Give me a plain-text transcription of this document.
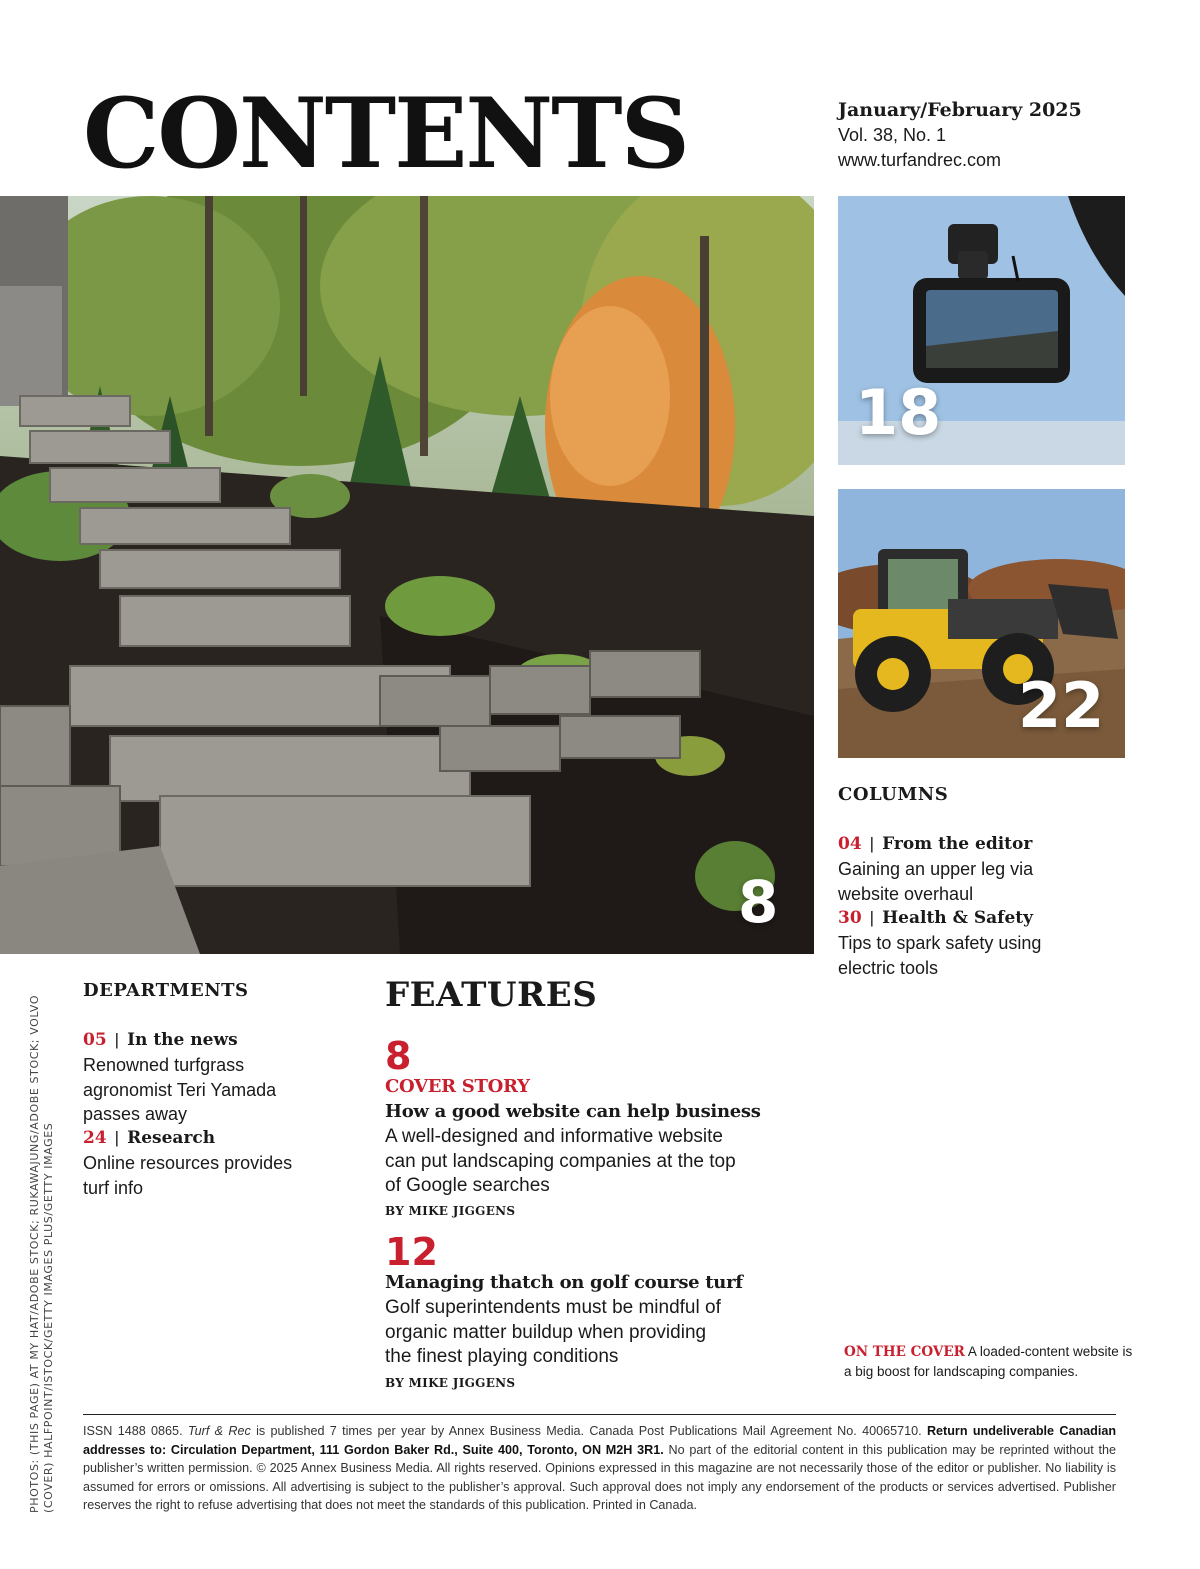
CONTENTS	January/February 2025
Vol. 38, No. 1
www.turfandrec.com
8
18
22
COLUMNS
04 | From the editor
Gaining an upper leg via
website overhaul
30 | Health & Safety
Tips to spark safety using
electric tools
DEPARTMENTS
05 | In the news
Renowned turfgrass
agronomist Teri Yamada
passes away
24 | Research
Online resources provides
turf info
FEATURES
8
COVER STORY
How a good website can help business
A well-designed and informative website
can put landscaping companies at the top
of Google searches
BY MIKE JIGGENS
12
Managing thatch on golf course turf
Golf superintendents must be mindful of
organic matter buildup when providing
the finest playing conditions
BY MIKE JIGGENS
ON THE COVER A loaded-content website is a big boost for landscaping companies.
ISSN 1488 0865. Turf & Rec is published 7 times per year by Annex Business Media. Canada Post Publications Mail Agreement No. 40065710. Return undeliverable Canadian addresses to: Circulation Department, 111 Gordon Baker Rd., Suite 400, Toronto, ON M2H 3R1. No part of the editorial content in this publication may be reprinted without the publisher’s written permission. © 2025 Annex Business Media. All rights reserved. Opinions expressed in this magazine are not necessarily those of the editor or publisher. No liability is assumed for errors or omissions. All advertising is subject to the publisher’s approval. Such approval does not imply any endorsement of the products or services advertised. Publisher reserves the right to refuse advertising that does not meet the standards of this publication. Printed in Canada.
PHOTOS: (THIS PAGE) AT MY HAT/ADOBE STOCK; RUKAWAJUNG/ADOBE STOCK; VOLVO (COVER) HALFPOINT/ISTOCK/GETTY IMAGES PLUS/GETTY IMAGES
